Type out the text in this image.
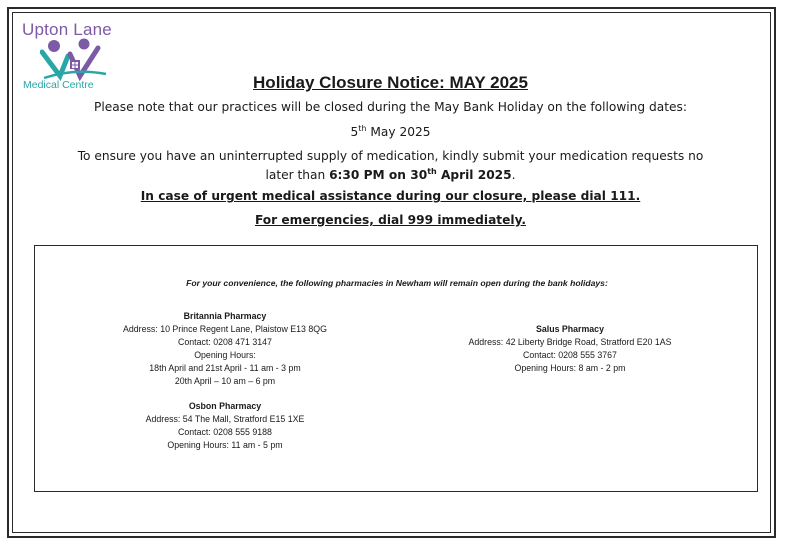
Upton Lane
Medical Centre	Holiday Closure Notice: MAY 2025
Please note that our practices will be closed during the May Bank Holiday on the following dates:
5th May 2025
To ensure you have an uninterrupted supply of medication, kindly submit your medication requests no
later than 6:30 PM on 30th April 2025.
In case of urgent medical assistance during our closure, please dial 111.
For emergencies, dial 999 immediately.
For your convenience, the following pharmacies in Newham will remain open during the bank holidays:
Britannia Pharmacy
Address: 10 Prince Regent Lane, Plaistow E13 8QG
Contact: 0208 471 3147
Opening Hours:
18th April and 21st April - 11 am - 3 pm
20th April – 10 am – 6 pm
Osbon Pharmacy
Address: 54 The Mall, Stratford E15 1XE
Contact: 0208 555 9188
Opening Hours: 11 am - 5 pm
Salus Pharmacy
Address: 42 Liberty Bridge Road, Stratford E20 1AS
Contact: 0208 555 3767
Opening Hours: 8 am - 2 pm
